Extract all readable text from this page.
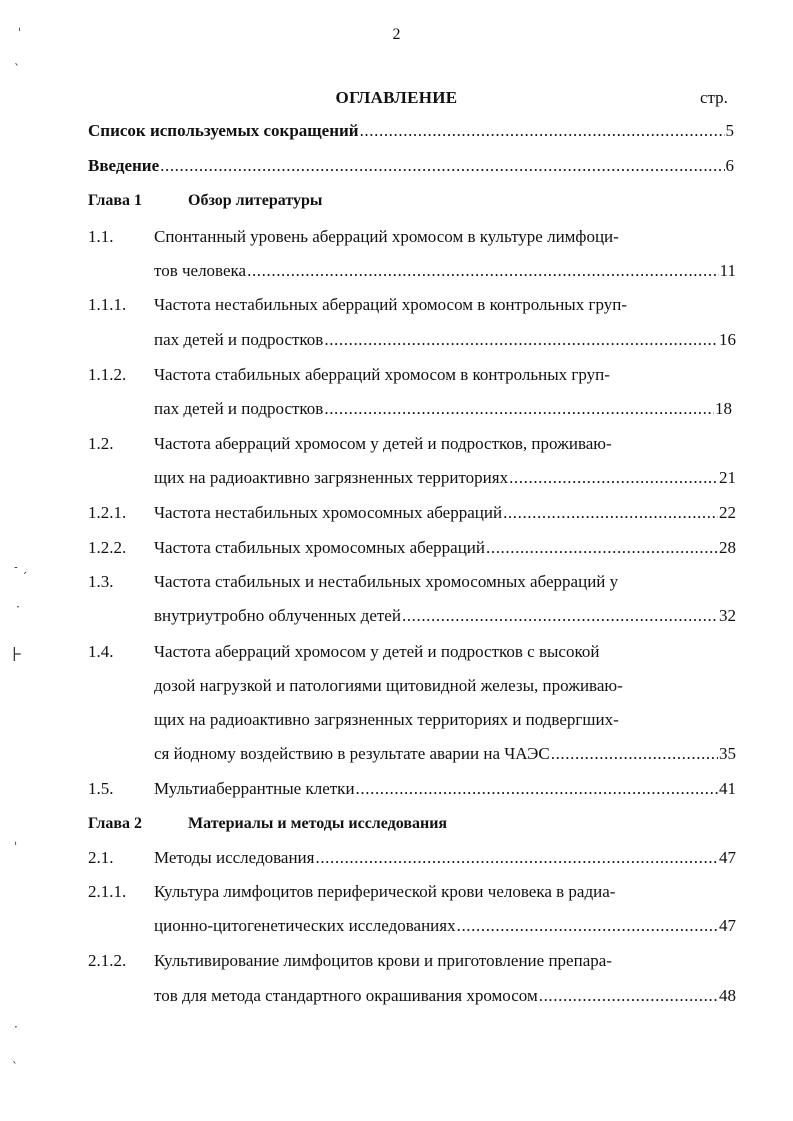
ˌ
ˋ
˗ ˏ
·
⊦
ˈ
·
ˋ
2
ОГЛАВЛЕНИЕ	стр.
Список используемых сокращений .....	5
Введение .....	6
Глава 1	Обзор литературы
1.1. Спонтанный уровень аберраций хромосом в культуре лимфоци-
тов человека .....	11
1.1.1. Частота нестабильных аберраций хромосом в контрольных груп-
пах детей и подростков .....	16
1.1.2. Частота стабильных аберраций хромосом в контрольных груп-
пах детей и подростков .....	18
1.2. Частота аберраций хромосом у детей и подростков, проживаю-
щих на радиоактивно загрязненных территориях .....	21
1.2.1. Частота нестабильных хромосомных аберраций .....	22
1.2.2. Частота стабильных хромосомных аберраций .....	28
1.3. Частота стабильных и нестабильных хромосомных аберраций у
внутриутробно облученных детей .....	32
1.4. Частота аберраций хромосом у детей и подростков с высокой
дозой нагрузкой и патологиями щитовидной железы, проживаю-
щих на радиоактивно загрязненных территориях и подвергших-
ся йодному воздействию в результате аварии на ЧАЭС .....	35
1.5. Мультиаберрантные клетки .....	41
Глава 2	Материалы и методы исследования
2.1. Методы исследования .....	47
2.1.1. Культура лимфоцитов периферической крови человека в радиа-
ционно-цитогенетических исследованиях .....	47
2.1.2. Культивирование лимфоцитов крови и приготовление препара-
тов для метода стандартного окрашивания хромосом .....	48
